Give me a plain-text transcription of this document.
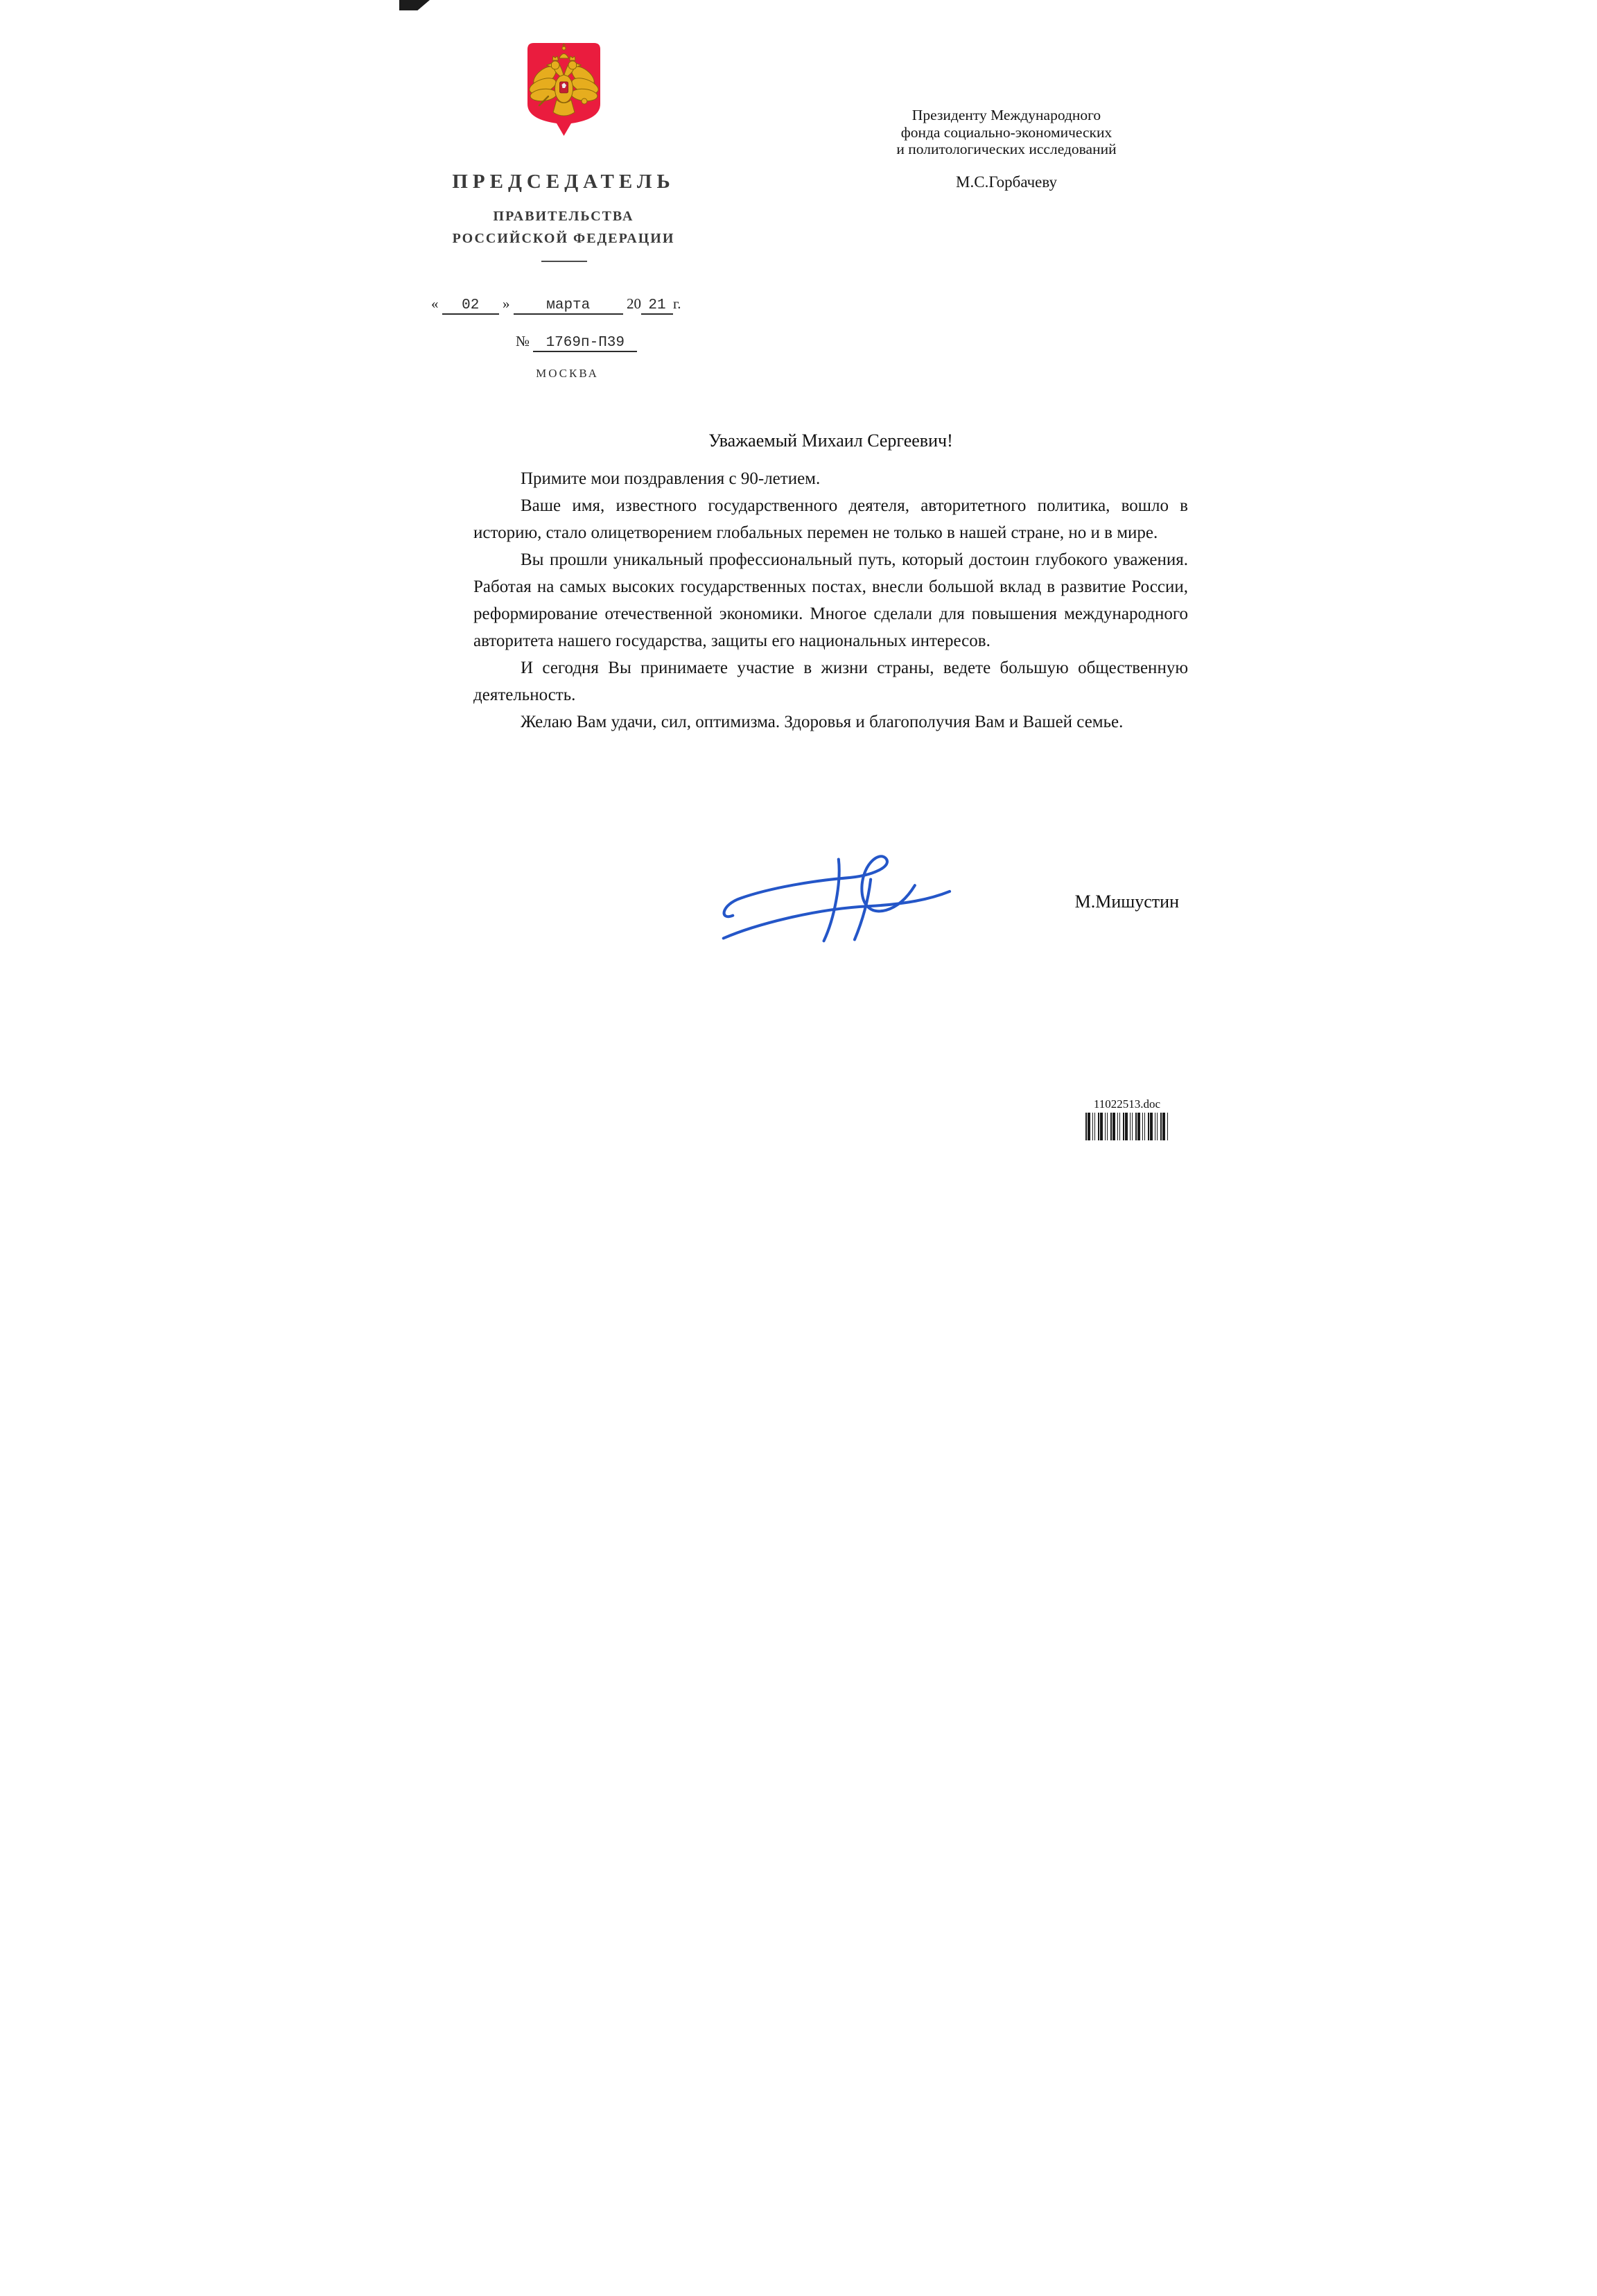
ПРЕДСЕДАТЕЛЬ
ПРАВИТЕЛЬСТВА
РОССИЙСКОЙ ФЕДЕРАЦИИ
Президенту Международного
фонда социально-экономических
и политологических исследований
М.С.Горбачеву
« 02 »	марта	20 21 г.
№ 1769п-П39
МОСКВА
Уважаемый Михаил Сергеевич!

Примите мои поздравления с 90-летием.

Ваше имя, известного государственного деятеля, авторитетного политика, вошло в историю, стало олицетворением глобальных перемен не только в нашей стране, но и в мире.

Вы прошли уникальный профессиональный путь, который достоин глубокого уважения. Работая на самых высоких государственных постах, внесли большой вклад в развитие России, реформирование отечественной экономики. Многое сделали для повышения международного авторитета нашего государства, защиты его национальных интересов.

И сегодня Вы принимаете участие в жизни страны, ведете большую общественную деятельность.

Желаю Вам удачи, сил, оптимизма. Здоровья и благополучия Вам и Вашей семье.

М.Мишустин
11022513.doc
